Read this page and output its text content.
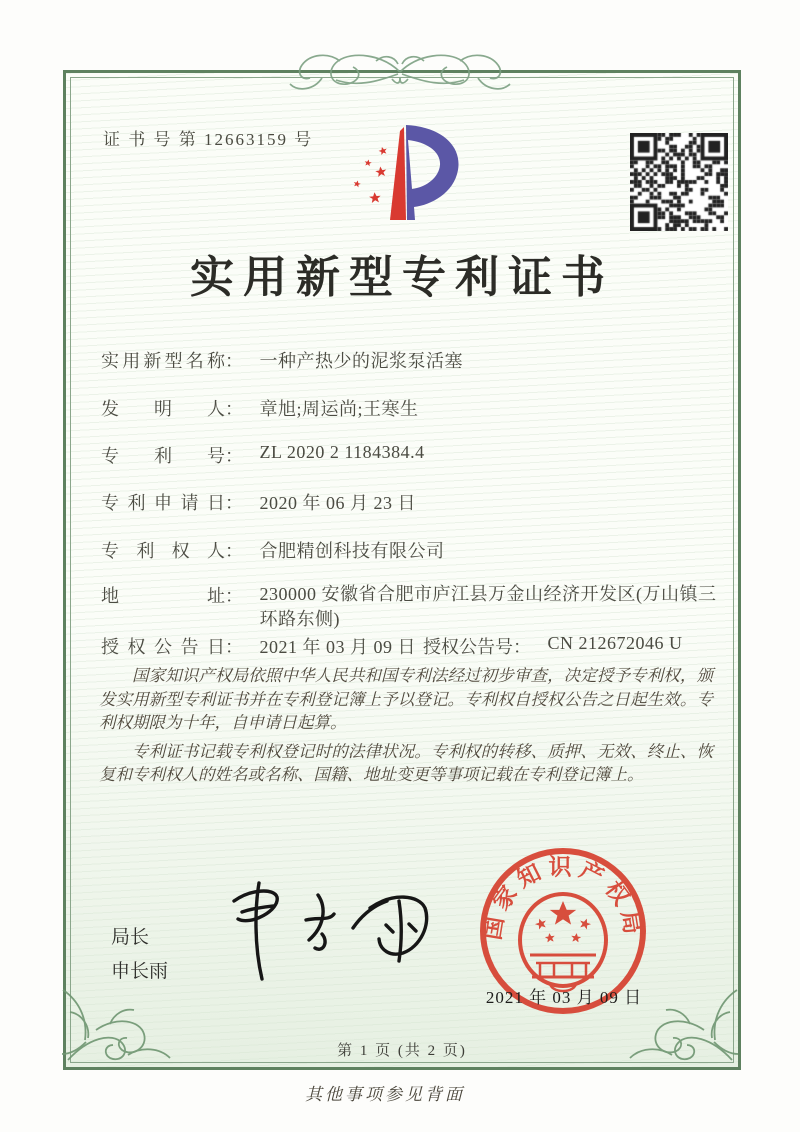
证 书 号 第 12663159 号
实用新型专利证书
实用新型名称： 一种产热少的泥浆泵活塞
发　明　人： 章旭;周运尚;王寒生
专　利　号： ZL 2020 2 1184384.4
专利申请日： 2020 年 06 月 23 日
专 利 权 人： 合肥精创科技有限公司
地　　　址： 230000 安徽省合肥市庐江县万金山经济开发区(万山镇三环路东侧)
授权公告日： 2021 年 03 月 09 日 授权公告号： CN 212672046 U

国家知识产权局依照中华人民共和国专利法经过初步审查，决定授予专利权，颁发实用新型专利证书并在专利登记簿上予以登记。专利权自授权公告之日起生效。专利权期限为十年，自申请日起算。

专利证书记载专利权登记时的法律状况。专利权的转移、质押、无效、终止、恢复和专利权人的姓名或名称、国籍、地址变更等事项记载在专利登记簿上。

局长
申长雨
国家知识产权局
2021 年 03 月 09 日
第 1 页 (共 2 页)
其他事项参见背面
